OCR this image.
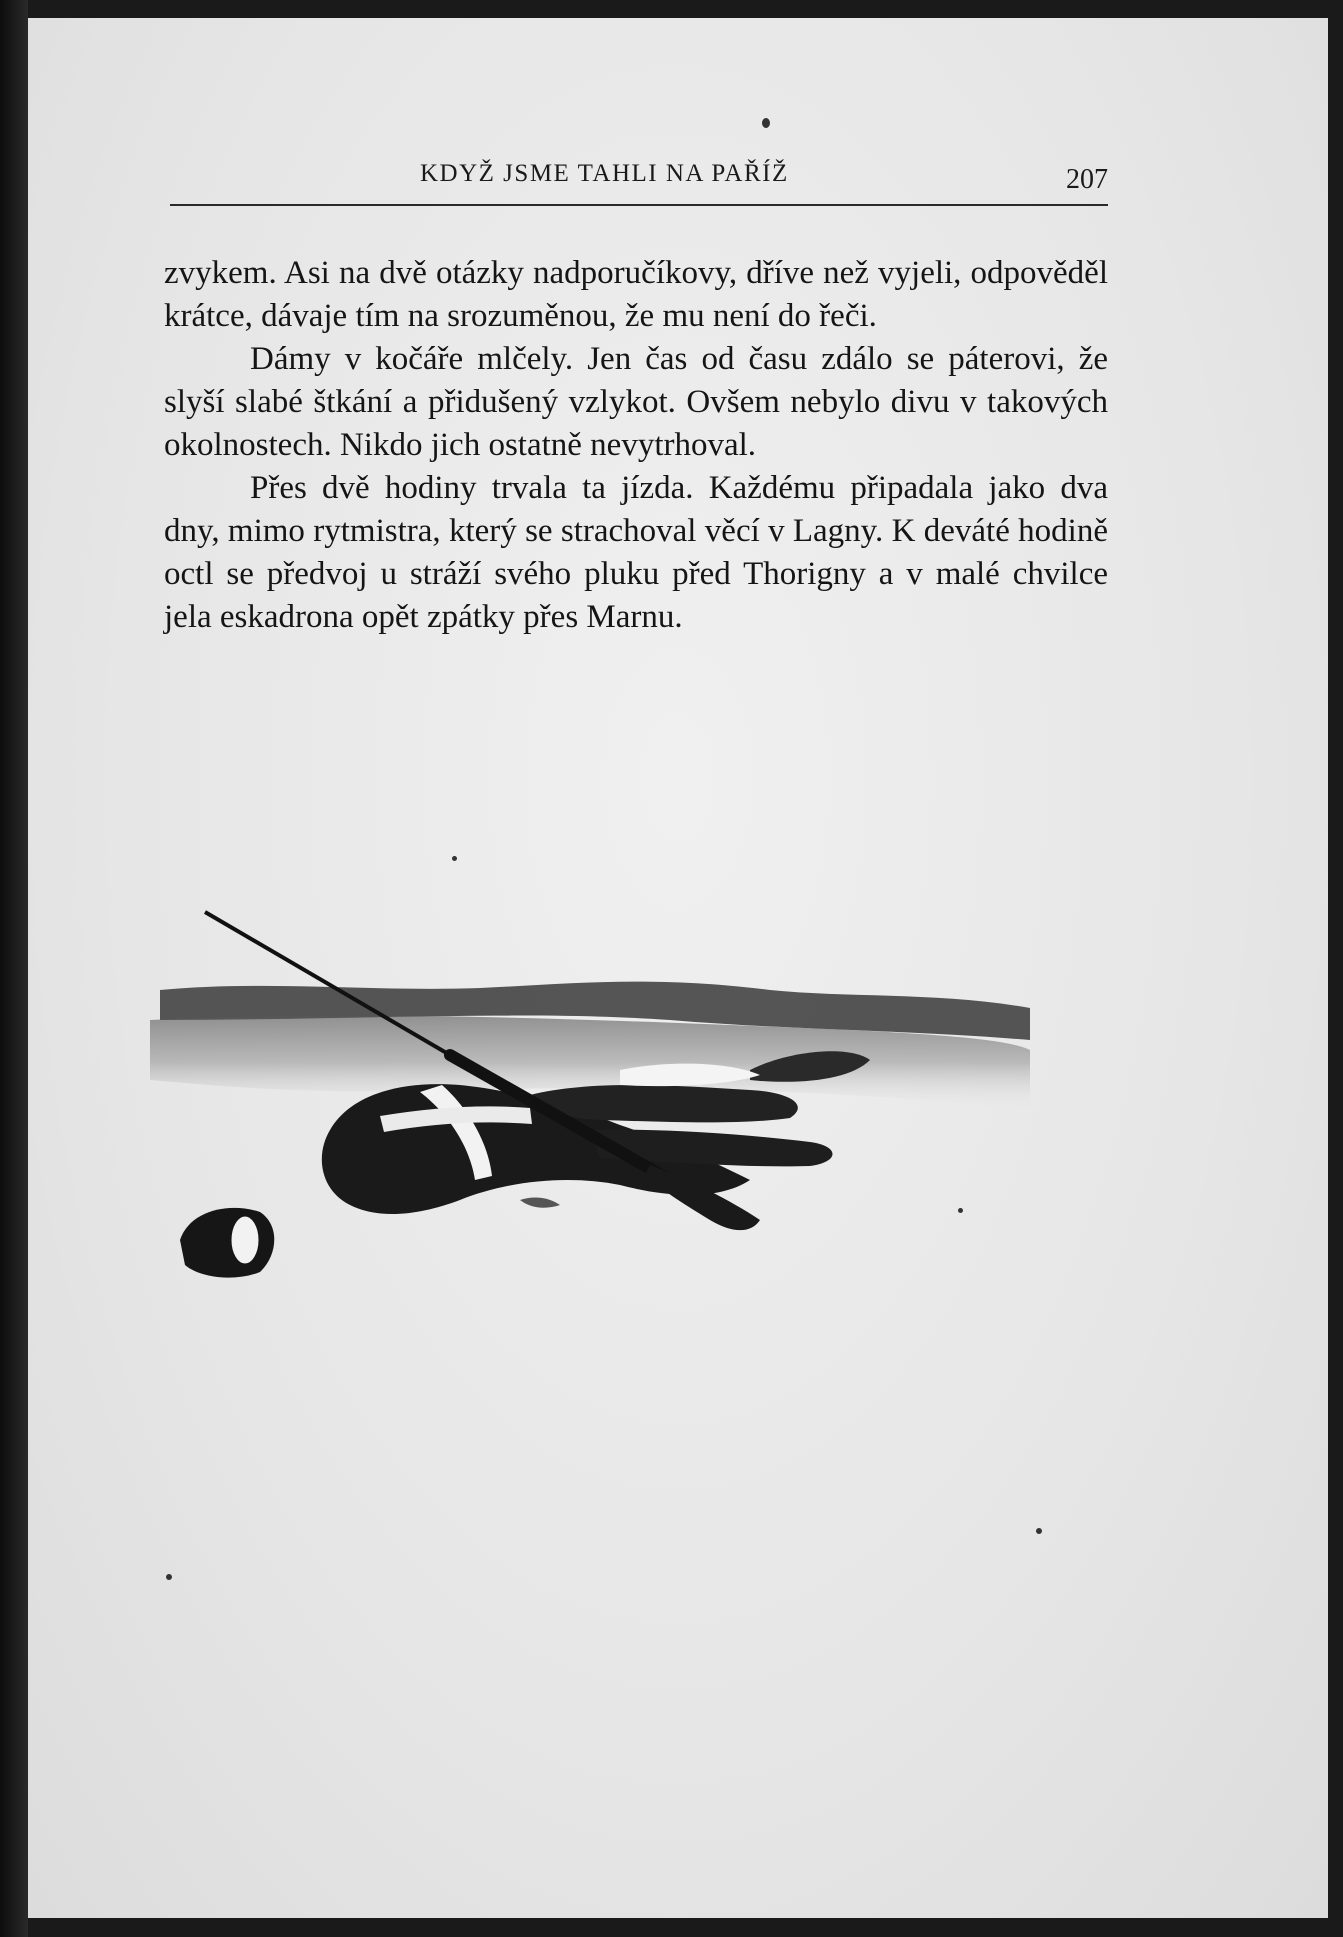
KDYŽ JSME TAHLI NA PAŘÍŽ	207

zvykem. Asi na dvě otázky nadporučíkovy, dříve než vyjeli, odpověděl krátce, dávaje tím na srozuměnou, že mu není do řeči.

Dámy v kočáře mlčely. Jen čas od času zdálo se páterovi, že slyší slabé štkání a přidušený vzlykot. Ovšem nebylo divu v takových okolnostech. Nikdo jich ostatně nevytrhoval.

Přes dvě hodiny trvala ta jízda. Každému připadala jako dva dny, mimo rytmistra, který se strachoval věcí v Lagny. K deváté hodině octl se předvoj u stráží svého pluku před Thorigny a v malé chvilce jela eskadrona opět zpátky přes Marnu.
